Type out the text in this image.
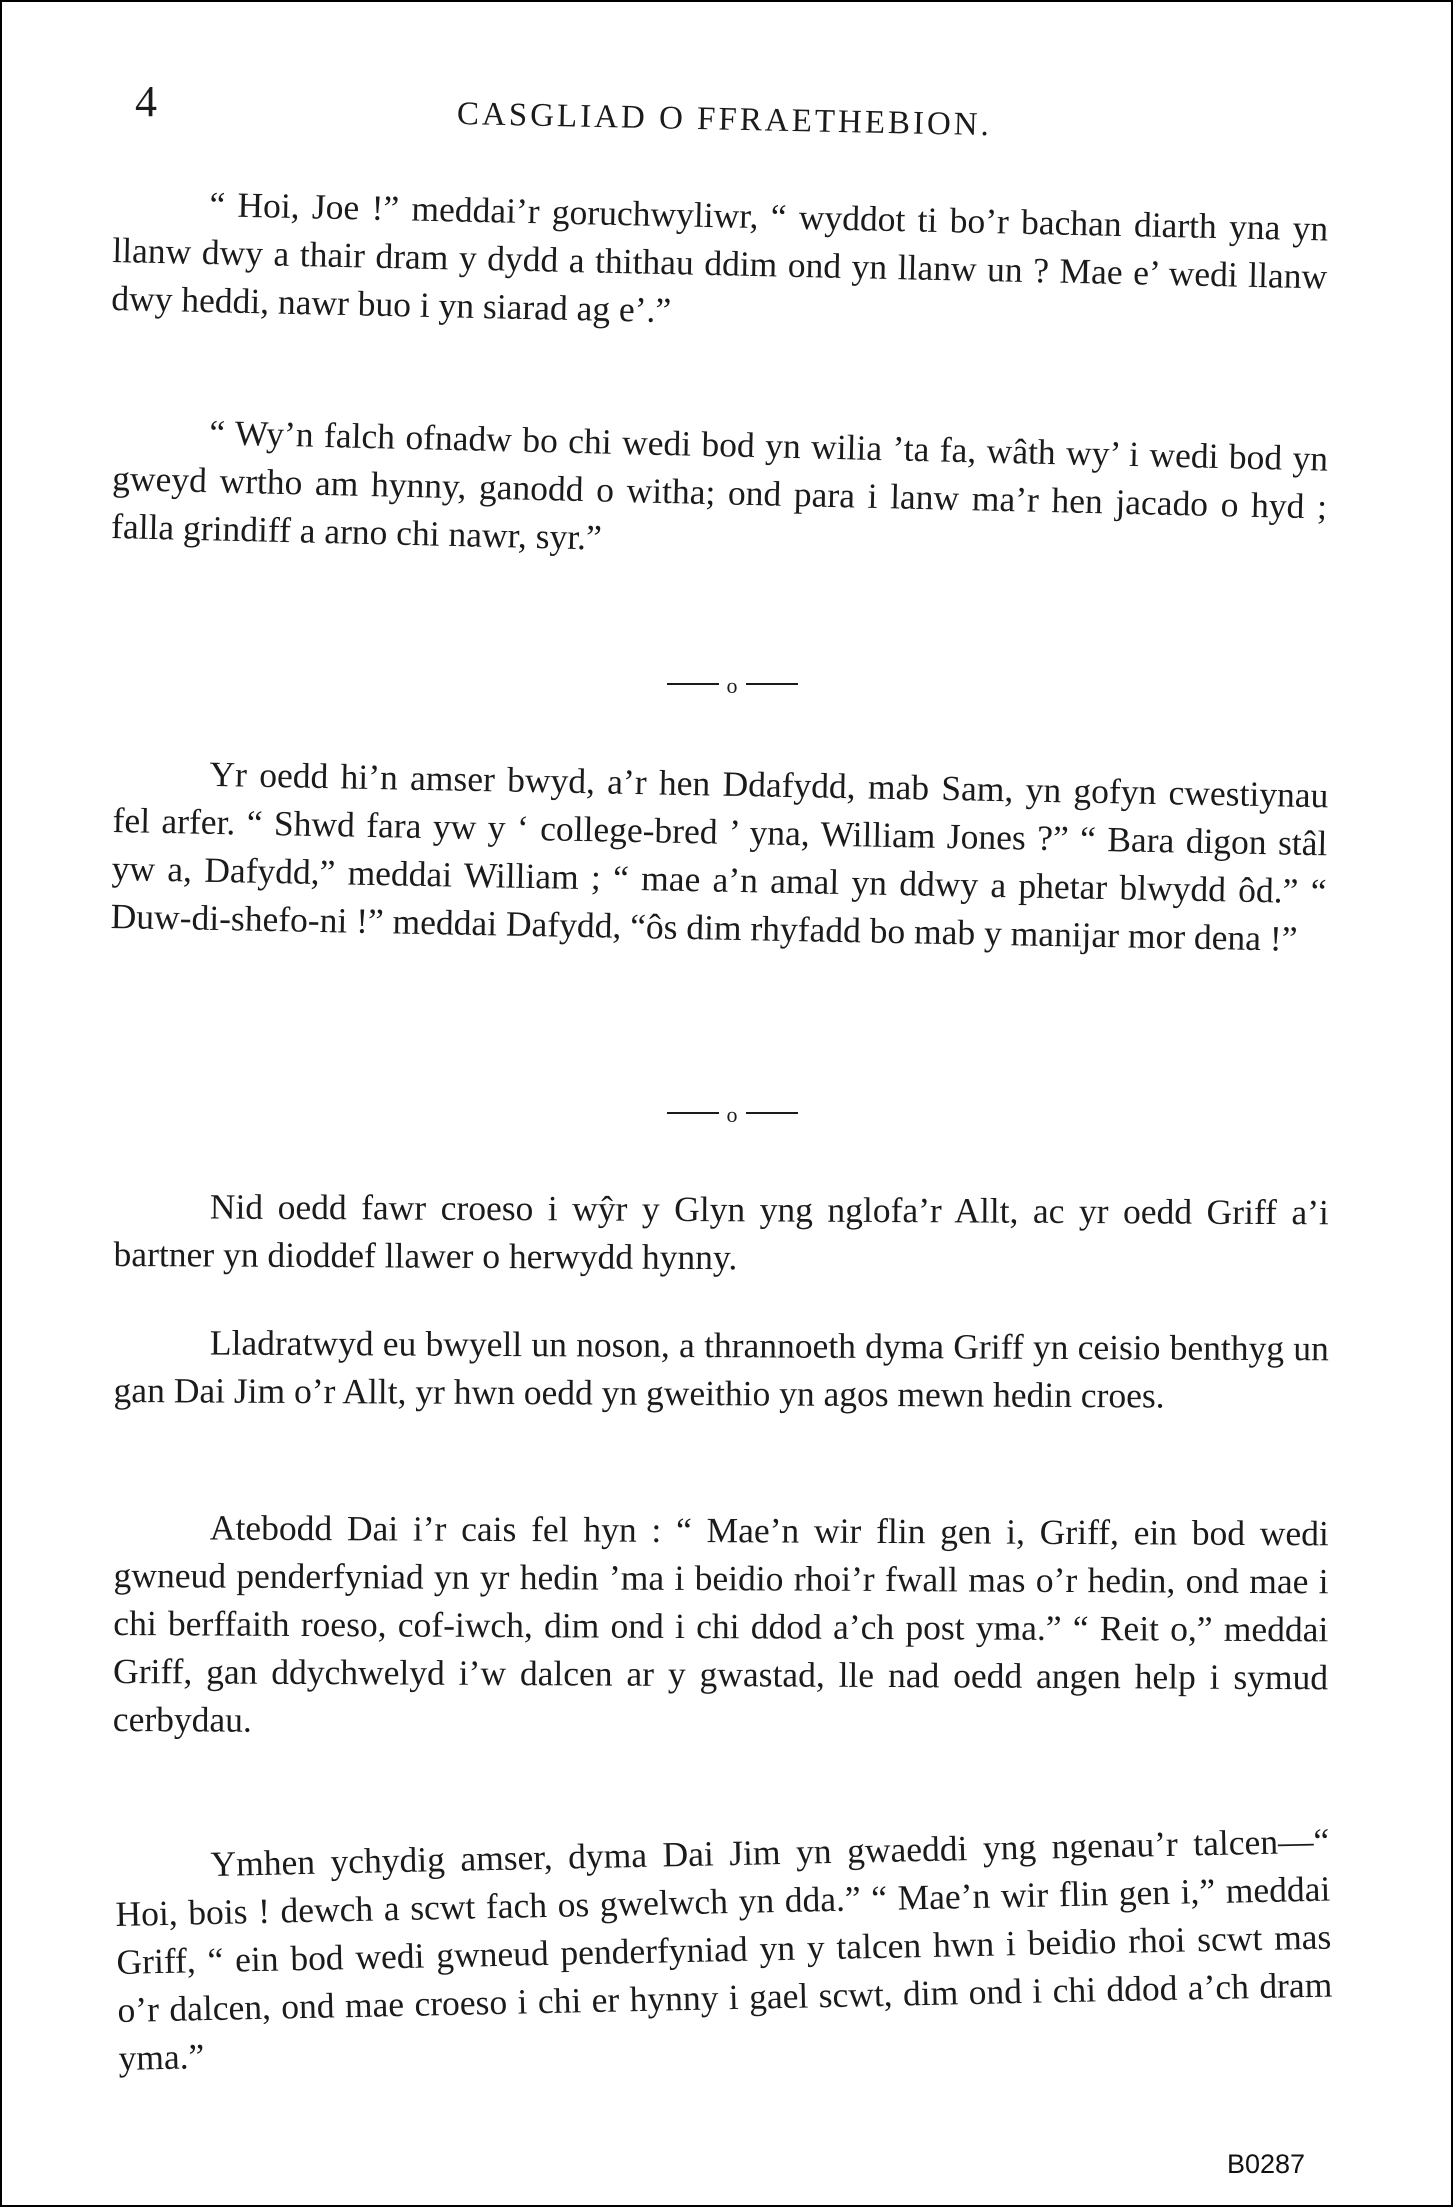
4	CASGLIAD O FFRAETHEBION.

“ Hoi, Joe !” meddai’r goruchwyliwr, “ wyddot ti bo’r bachan diarth yna yn llanw dwy a thair dram y dydd a thithau ddim ond yn llanw un ? Mae e’ wedi llanw dwy heddi, nawr buo i yn siarad ag e’.”

“ Wy’n falch ofnadw bo chi wedi bod yn wilia ’ta fa, wâth wy’ i wedi bod yn gweyd wrtho am hynny, ganodd o witha; ond para i lanw ma’r hen jacado o hyd ; falla grindiff a arno chi nawr, syr.”

o

Yr oedd hi’n amser bwyd, a’r hen Ddafydd, mab Sam, yn gofyn cwestiynau fel arfer. “ Shwd fara yw y ‘ college-bred ’ yna, William Jones ?” “ Bara digon stâl yw a, Dafydd,” meddai William ; “ mae a’n amal yn ddwy a phetar blwydd ôd.” “ Duw-di-shefo-ni !” meddai Dafydd, “ôs dim rhyfadd bo mab y manijar mor dena !”

o

Nid oedd fawr croeso i wŷr y Glyn yng nglofa’r Allt, ac yr oedd Griff a’i bartner yn dioddef llawer o herwydd hynny.

Lladratwyd eu bwyell un noson, a thrannoeth dyma Griff yn ceisio benthyg un gan Dai Jim o’r Allt, yr hwn oedd yn gweithio yn agos mewn hedin croes.

Atebodd Dai i’r cais fel hyn : “ Mae’n wir flin gen i, Griff, ein bod wedi gwneud penderfyniad yn yr hedin ’ma i beidio rhoi’r fwall mas o’r hedin, ond mae i chi berffaith roeso, cof-iwch, dim ond i chi ddod a’ch post yma.” “ Reit o,” meddai Griff, gan ddychwelyd i’w dalcen ar y gwastad, lle nad oedd angen help i symud cerbydau.

Ymhen ychydig amser, dyma Dai Jim yn gwaeddi yng ngenau’r talcen—“ Hoi, bois ! dewch a scwt fach os gwelwch yn dda.” “ Mae’n wir flin gen i,” meddai Griff, “ ein bod wedi gwneud penderfyniad yn y talcen hwn i beidio rhoi scwt mas o’r dalcen, ond mae croeso i chi er hynny i gael scwt, dim ond i chi ddod a’ch dram yma.”

B0287
